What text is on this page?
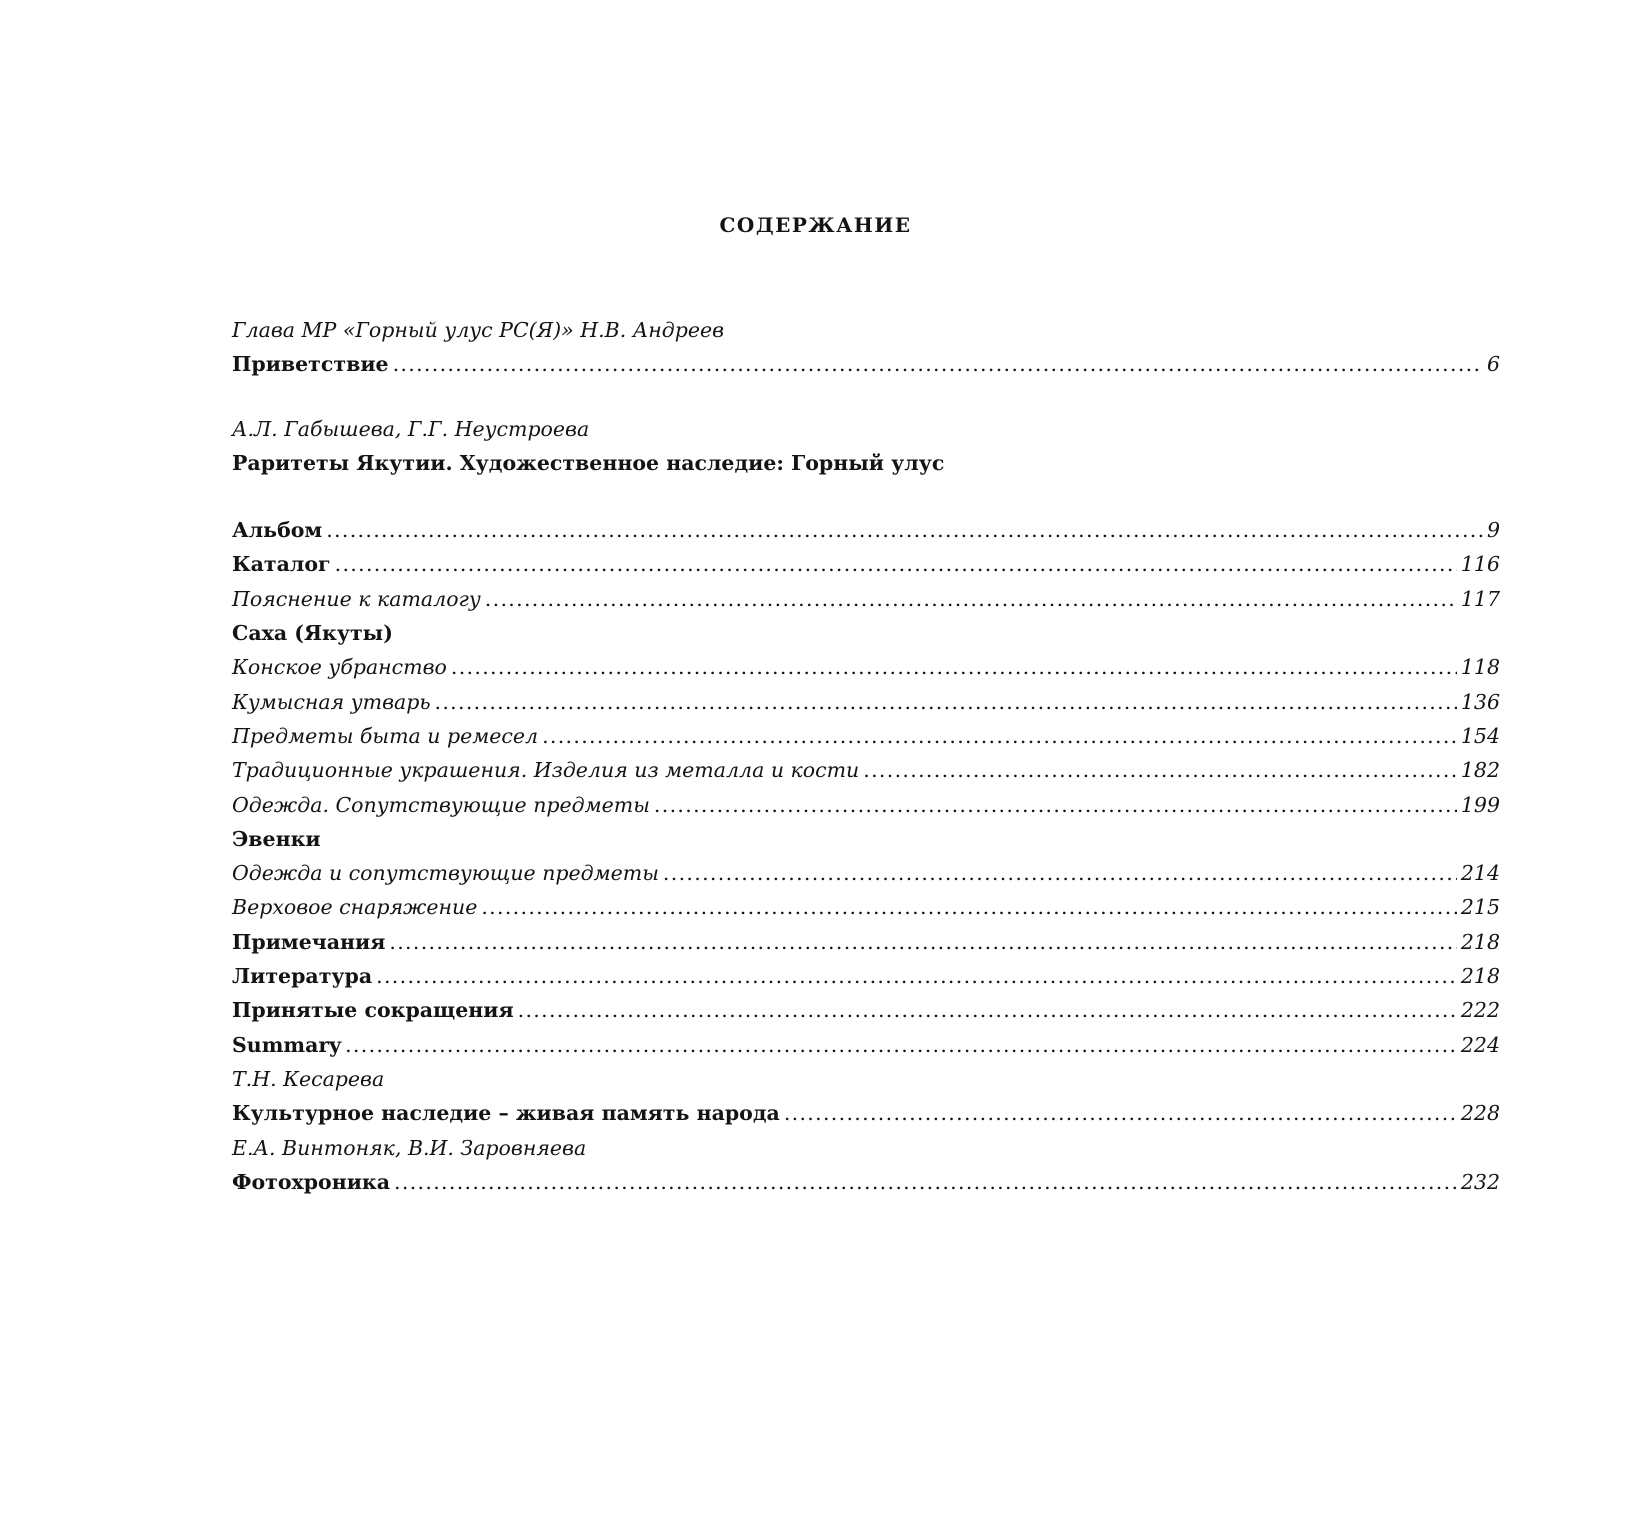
СОДЕРЖАНИЕ
Глава МР «Горный улус РС(Я)» Н.В. Андреев
Приветствие . . .	6
А.Л. Габышева, Г.Г. Неустроева
Раритеты Якутии. Художественное наследие: Горный улус
Альбом . . .	9
Каталог . . .	116
Пояснение к каталогу . . .	117
Саха (Якуты)
Конское убранство . . .	118
Кумысная утварь . . .	136
Предметы быта и ремесел . . .	154
Традиционные украшения. Изделия из металла и кости . . .	182
Одежда. Сопутствующие предметы . . .	199
Эвенки
Одежда и сопутствующие предметы . . .	214
Верховое снаряжение . . .	215
Примечания . . .	218
Литература . . .	218
Принятые сокращения . . .	222
Summary . . .	224
Т.Н. Кесарева
Культурное наследие – живая память народа . . .	228
Е.А. Винтоняк, В.И. Заровняева
Фотохроника . . .	232
